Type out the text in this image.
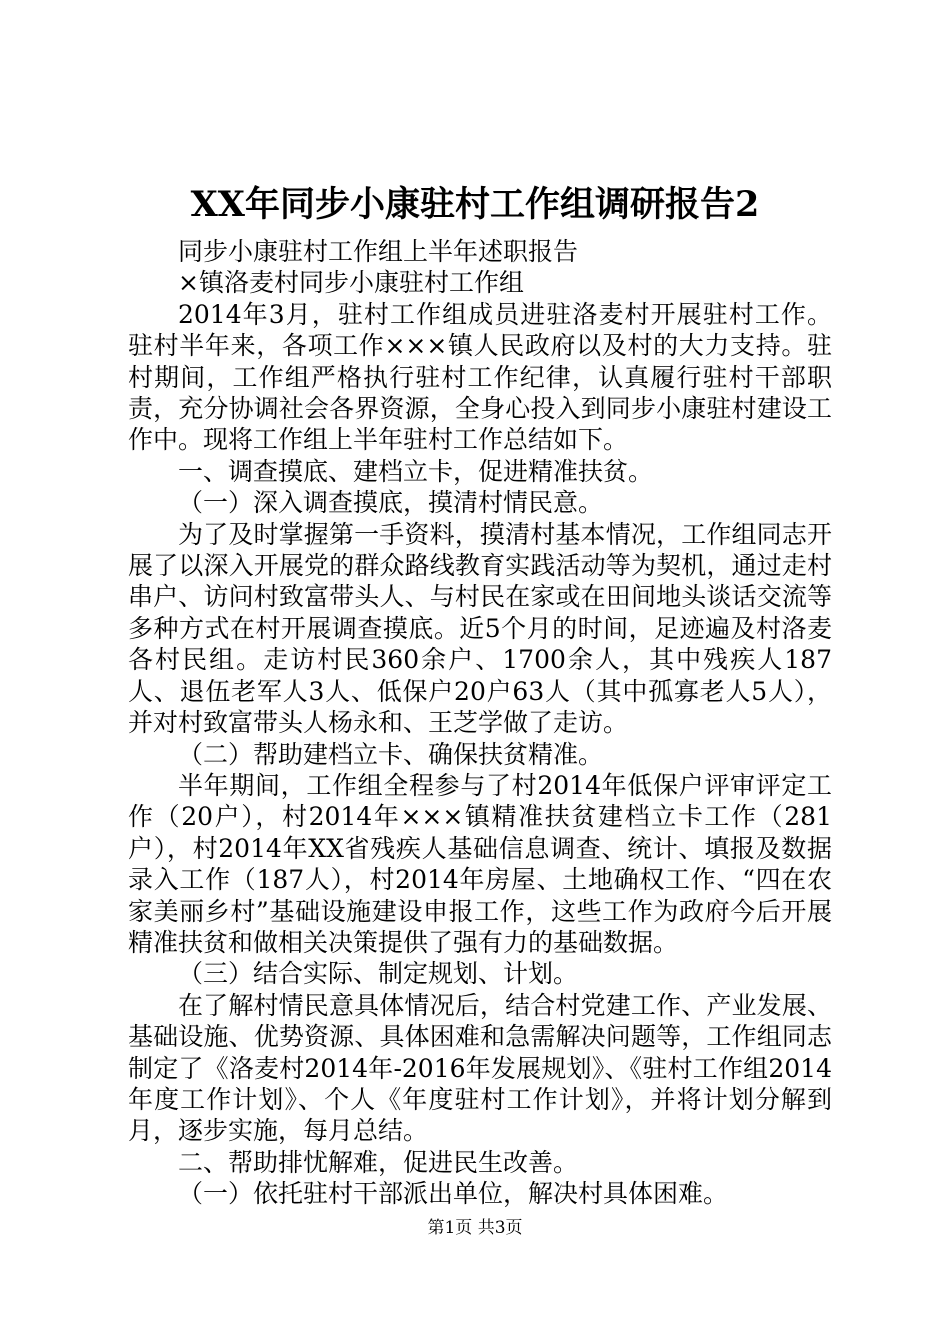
XX年同步小康驻村工作组调研报告2

同步小康驻村工作组上半年述职报告

×镇洛麦村同步小康驻村工作组

2014年3月，驻村工作组成员进驻洛麦村开展驻村工作。驻村半年来，各项工作×××镇人民政府以及村的大力支持。驻村期间，工作组严格执行驻村工作纪律，认真履行驻村干部职责，充分协调社会各界资源，全身心投入到同步小康驻村建设工作中。现将工作组上半年驻村工作总结如下。

一、调查摸底、建档立卡，促进精准扶贫。

（一）深入调查摸底，摸清村情民意。

为了及时掌握第一手资料，摸清村基本情况，工作组同志开展了以深入开展党的群众路线教育实践活动等为契机，通过走村串户、访问村致富带头人、与村民在家或在田间地头谈话交流等多种方式在村开展调查摸底。近5个月的时间，足迹遍及村洛麦各村民组。走访村民360余户、1700余人，其中残疾人187人、退伍老军人3人、低保户20户63人（其中孤寡老人5人），并对村致富带头人杨永和、王芝学做了走访。

（二）帮助建档立卡、确保扶贫精准。

半年期间，工作组全程参与了村2014年低保户评审评定工作（20户），村2014年×××镇精准扶贫建档立卡工作（281户），村2014年XX省残疾人基础信息调查、统计、填报及数据录入工作（187人），村2014年房屋、土地确权工作、“四在农家美丽乡村”基础设施建设申报工作，这些工作为政府今后开展精准扶贫和做相关决策提供了强有力的基础数据。

（三）结合实际、制定规划、计划。

在了解村情民意具体情况后，结合村党建工作、产业发展、基础设施、优势资源、具体困难和急需解决问题等，工作组同志制定了《洛麦村2014年-2016年发展规划》、《驻村工作组2014年度工作计划》、个人《年度驻村工作计划》，并将计划分解到月，逐步实施，每月总结。

二、帮助排忧解难，促进民生改善。

（一）依托驻村干部派出单位，解决村具体困难。

第1页 共3页
